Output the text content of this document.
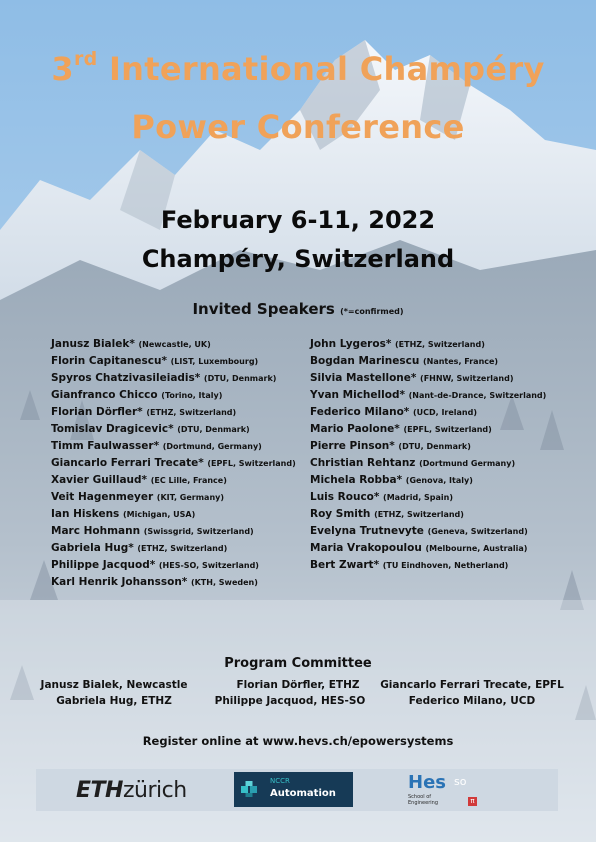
3rd International Champéry
Power Conference
February 6-11, 2022
Champéry, Switzerland
Invited Speakers (*=confirmed)
Janusz Bialek* (Newcastle, UK)
Florin Capitanescu* (LIST, Luxembourg)
Spyros Chatzivasileiadis* (DTU, Denmark)
Gianfranco Chicco (Torino, Italy)
Florian Dörfler* (ETHZ, Switzerland)
Tomislav Dragicevic* (DTU, Denmark)
Timm Faulwasser* (Dortmund, Germany)
Giancarlo Ferrari Trecate* (EPFL, Switzerland)
Xavier Guillaud* (EC Lille, France)
Veit Hagenmeyer (KIT, Germany)
Ian Hiskens (Michigan, USA)
Marc Hohmann (Swissgrid, Switzerland)
Gabriela Hug* (ETHZ, Switzerland)
Philippe Jacquod* (HES-SO, Switzerland)
Karl Henrik Johansson* (KTH, Sweden)
John Lygeros* (ETHZ, Switzerland)
Bogdan Marinescu (Nantes, France)
Silvia Mastellone* (FHNW, Switzerland)
Yvan Michellod* (Nant-de-Drance, Switzerland)
Federico Milano* (UCD, Ireland)
Mario Paolone* (EPFL, Switzerland)
Pierre Pinson* (DTU, Denmark)
Christian Rehtanz (Dortmund Germany)
Michela Robba* (Genova, Italy)
Luis Rouco* (Madrid, Spain)
Roy Smith (ETHZ, Switzerland)
Evelyna Trutnevyte (Geneva, Switzerland)
Maria Vrakopoulou (Melbourne, Australia)
Bert Zwart* (TU Eindhoven, Netherland)
Program Committee
Janusz Bialek, Newcastle	Florian Dörfler, ETHZ	Giancarlo Ferrari Trecate, EPFL
Gabriela Hug, ETHZ	Philippe Jacquod, HES-SO	Federico Milano, UCD
Register online at www.hevs.ch/epowersystems
ETHzürich	NCCR
Automation
Hes so
School of
Engineering	π
